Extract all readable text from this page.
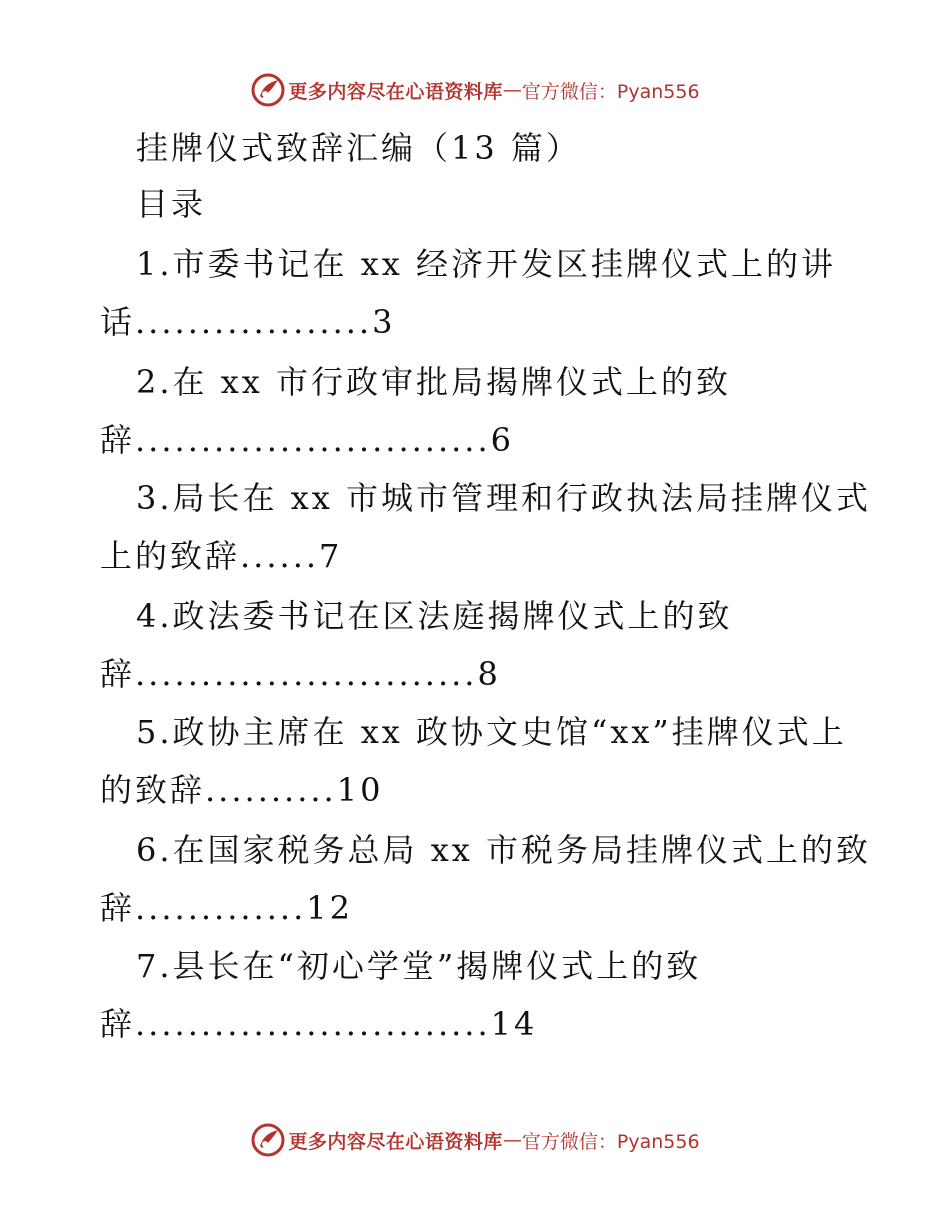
更多内容尽在心语资料库 — 官方微信：Pyan556
挂牌仪式致辞汇编（13 篇）
目录
1.市委书记在 xx 经济开发区挂牌仪式上的讲
话..................3
2.在 xx 市行政审批局揭牌仪式上的致
辞...........................6
3.局长在 xx 市城市管理和行政执法局挂牌仪式
上的致辞......7
4.政法委书记在区法庭揭牌仪式上的致
辞..........................8
5.政协主席在 xx 政协文史馆“xx”挂牌仪式上
的致辞..........10
6.在国家税务总局 xx 市税务局挂牌仪式上的致
辞.............12
7.县长在“初心学堂”揭牌仪式上的致
辞...........................14
更多内容尽在心语资料库 — 官方微信：Pyan556
